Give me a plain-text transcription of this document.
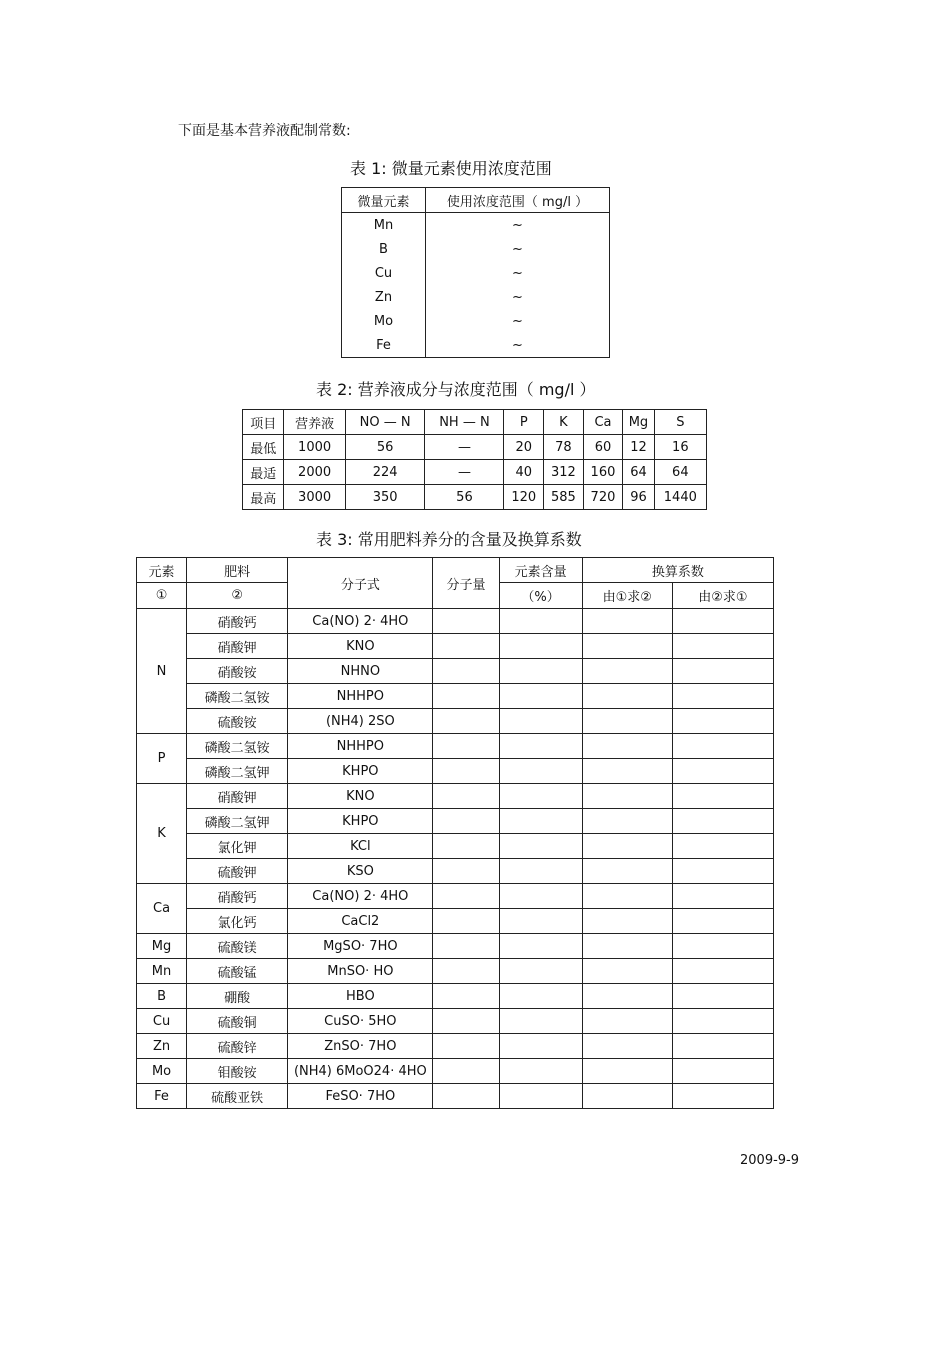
下面是基本营养液配制常数:
表 1: 微量元素使用浓度范围
微量元素	使用浓度范围（ mg/l ）
Mn	~
B	~
Cu	~
Zn	~
Mo	~
Fe	~
表 2: 营养液成分与浓度范围（ mg/l ）
项目	营养液	NO — N	NH — N	P	K	Ca	Mg	S
最低	1000	56	—	20	78	60	12	16
最适	2000	224	—	40	312	160	64	64
最高	3000	350	56	120	585	720	96	1440
表 3: 常用肥料养分的含量及换算系数
元素	肥料	分子式	分子量	元素含量	换算系数	
①	②			（%）	由①求②	由②求①
N	硝酸钙	Ca(NO) 2· 4HO				
	硝酸钾	KNO				
	硝酸铵	NHNO				
	磷酸二氢铵	NHHPO				
	硫酸铵	(NH4) 2SO				
P	磷酸二氢铵	NHHPO				
	磷酸二氢钾	KHPO				
K	硝酸钾	KNO				
	磷酸二氢钾	KHPO				
	氯化钾	KCl				
	硫酸钾	KSO				
Ca	硝酸钙	Ca(NO) 2· 4HO				
	氯化钙	CaCl2				
Mg	硫酸镁	MgSO· 7HO				
Mn	硫酸锰	MnSO· HO				
B	硼酸	HBO				
Cu	硫酸铜	CuSO· 5HO				
Zn	硫酸锌	ZnSO· 7HO				
Mo	钼酸铵	(NH4) 6MoO24· 4HO				
Fe	硫酸亚铁	FeSO· 7HO				
2009-9-9
